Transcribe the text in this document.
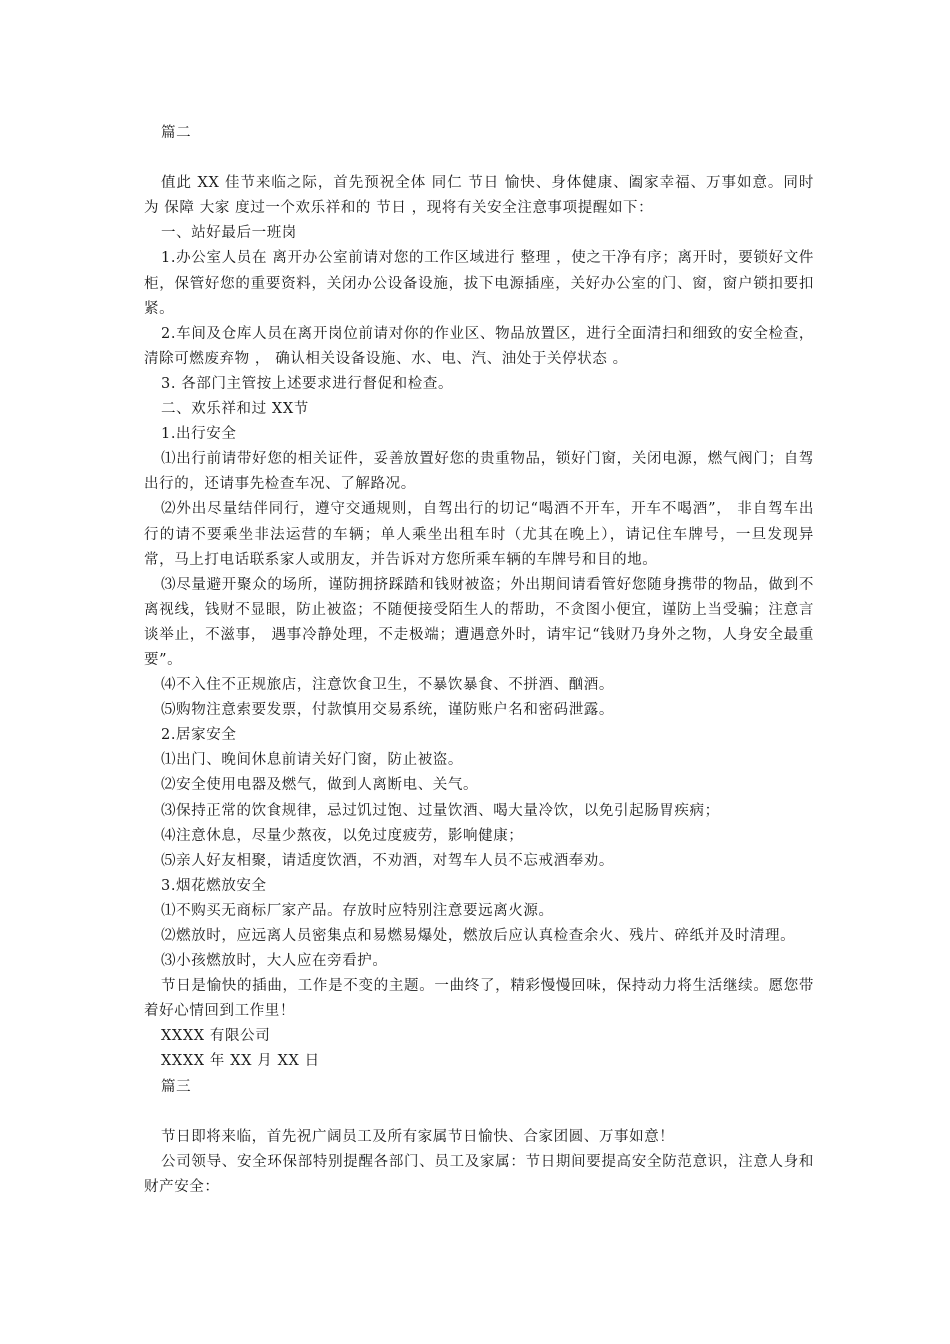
篇二

值此 XX 佳节来临之际，首先预祝全体 同仁 节日 愉快、身体健康、阖家幸福、万事如意。同时 为 保障 大家 度过一个欢乐祥和的 节日 ，现将有关安全注意事项提醒如下：

一、站好最后一班岗

1.办公室人员在 离开办公室前请对您的工作区域进行 整理 ，使之干净有序；离开时，要锁好文件柜，保管好您的重要资料，关闭办公设备设施，拔下电源插座，关好办公室的门、窗，窗户锁扣要扣紧。

2.车间及仓库人员在离开岗位前请对你的作业区、物品放置区，进行全面清扫和细致的安全检查，清除可燃废弃物 ， 确认相关设备设施、水、电、汽、油处于关停状态 。

3. 各部门主管按上述要求进行督促和检查。

二、欢乐祥和过 XX节

1.出行安全

⑴出行前请带好您的相关证件，妥善放置好您的贵重物品，锁好门窗，关闭电源，燃气阀门；自驾出行的，还请事先检查车况、了解路况。

⑵外出尽量结伴同行，遵守交通规则，自驾出行的切记“喝酒不开车，开车不喝酒”， 非自驾车出行的请不要乘坐非法运营的车辆；单人乘坐出租车时（尤其在晚上），请记住车牌号，一旦发现异常，马上打电话联系家人或朋友，并告诉对方您所乘车辆的车牌号和目的地。

⑶尽量避开聚众的场所，谨防拥挤踩踏和钱财被盗；外出期间请看管好您随身携带的物品，做到不离视线，钱财不显眼，防止被盗；不随便接受陌生人的帮助，不贪图小便宜，谨防上当受骗；注意言谈举止，不滋事， 遇事冷静处理，不走极端；遭遇意外时，请牢记“钱财乃身外之物，人身安全最重要”。

⑷不入住不正规旅店，注意饮食卫生，不暴饮暴食、不拼酒、酗酒。

⑸购物注意索要发票，付款慎用交易系统，谨防账户名和密码泄露。

2.居家安全

⑴出门、晚间休息前请关好门窗，防止被盗。

⑵安全使用电器及燃气，做到人离断电、关气。

⑶保持正常的饮食规律，忌过饥过饱、过量饮酒、喝大量冷饮，以免引起肠胃疾病；

⑷注意休息，尽量少熬夜，以免过度疲劳，影响健康；

⑸亲人好友相聚，请适度饮酒，不劝酒，对驾车人员不忘戒酒奉劝。

3.烟花燃放安全

⑴不购买无商标厂家产品。存放时应特别注意要远离火源。

⑵燃放时，应远离人员密集点和易燃易爆处，燃放后应认真检查余火、残片、碎纸并及时清理。

⑶小孩燃放时，大人应在旁看护。

节日是愉快的插曲，工作是不变的主题。一曲终了，精彩慢慢回味，保持动力将生活继续。愿您带着好心情回到工作里！

XXXX 有限公司

XXXX 年 XX 月 XX 日

篇三

节日即将来临，首先祝广阔员工及所有家属节日愉快、合家团圆、万事如意！

公司领导、安全环保部特别提醒各部门、员工及家属：节日期间要提高安全防范意识，注意人身和财产安全：
